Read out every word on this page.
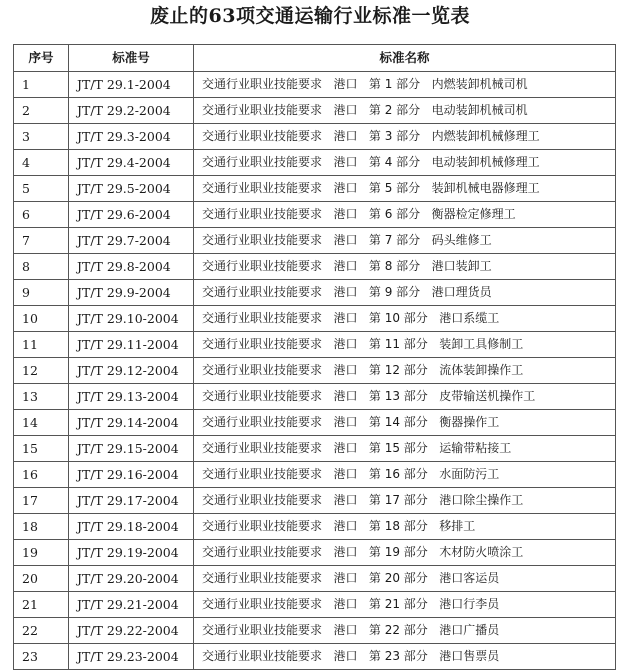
废止的63项交通运输行业标准一览表
序号	标准号	标准名称
1	JT/T 29.1-2004	交通行业职业技能要求   港口   第 1 部分   内燃装卸机械司机
2	JT/T 29.2-2004	交通行业职业技能要求   港口   第 2 部分   电动装卸机械司机
3	JT/T 29.3-2004	交通行业职业技能要求   港口   第 3 部分   内燃装卸机械修理工
4	JT/T 29.4-2004	交通行业职业技能要求   港口   第 4 部分   电动装卸机械修理工
5	JT/T 29.5-2004	交通行业职业技能要求   港口   第 5 部分   装卸机械电器修理工
6	JT/T 29.6-2004	交通行业职业技能要求   港口   第 6 部分   衡器检定修理工
7	JT/T 29.7-2004	交通行业职业技能要求   港口   第 7 部分   码头维修工
8	JT/T 29.8-2004	交通行业职业技能要求   港口   第 8 部分   港口装卸工
9	JT/T 29.9-2004	交通行业职业技能要求   港口   第 9 部分   港口理货员
10	JT/T 29.10-2004	交通行业职业技能要求   港口   第 10 部分   港口系缆工
11	JT/T 29.11-2004	交通行业职业技能要求   港口   第 11 部分   装卸工具修制工
12	JT/T 29.12-2004	交通行业职业技能要求   港口   第 12 部分   流体装卸操作工
13	JT/T 29.13-2004	交通行业职业技能要求   港口   第 13 部分   皮带输送机操作工
14	JT/T 29.14-2004	交通行业职业技能要求   港口   第 14 部分   衡器操作工
15	JT/T 29.15-2004	交通行业职业技能要求   港口   第 15 部分   运输带粘接工
16	JT/T 29.16-2004	交通行业职业技能要求   港口   第 16 部分   水面防污工
17	JT/T 29.17-2004	交通行业职业技能要求   港口   第 17 部分   港口除尘操作工
18	JT/T 29.18-2004	交通行业职业技能要求   港口   第 18 部分   移排工
19	JT/T 29.19-2004	交通行业职业技能要求   港口   第 19 部分   木材防火喷涂工
20	JT/T 29.20-2004	交通行业职业技能要求   港口   第 20 部分   港口客运员
21	JT/T 29.21-2004	交通行业职业技能要求   港口   第 21 部分   港口行李员
22	JT/T 29.22-2004	交通行业职业技能要求   港口   第 22 部分   港口广播员
23	JT/T 29.23-2004	交通行业职业技能要求   港口   第 23 部分   港口售票员
